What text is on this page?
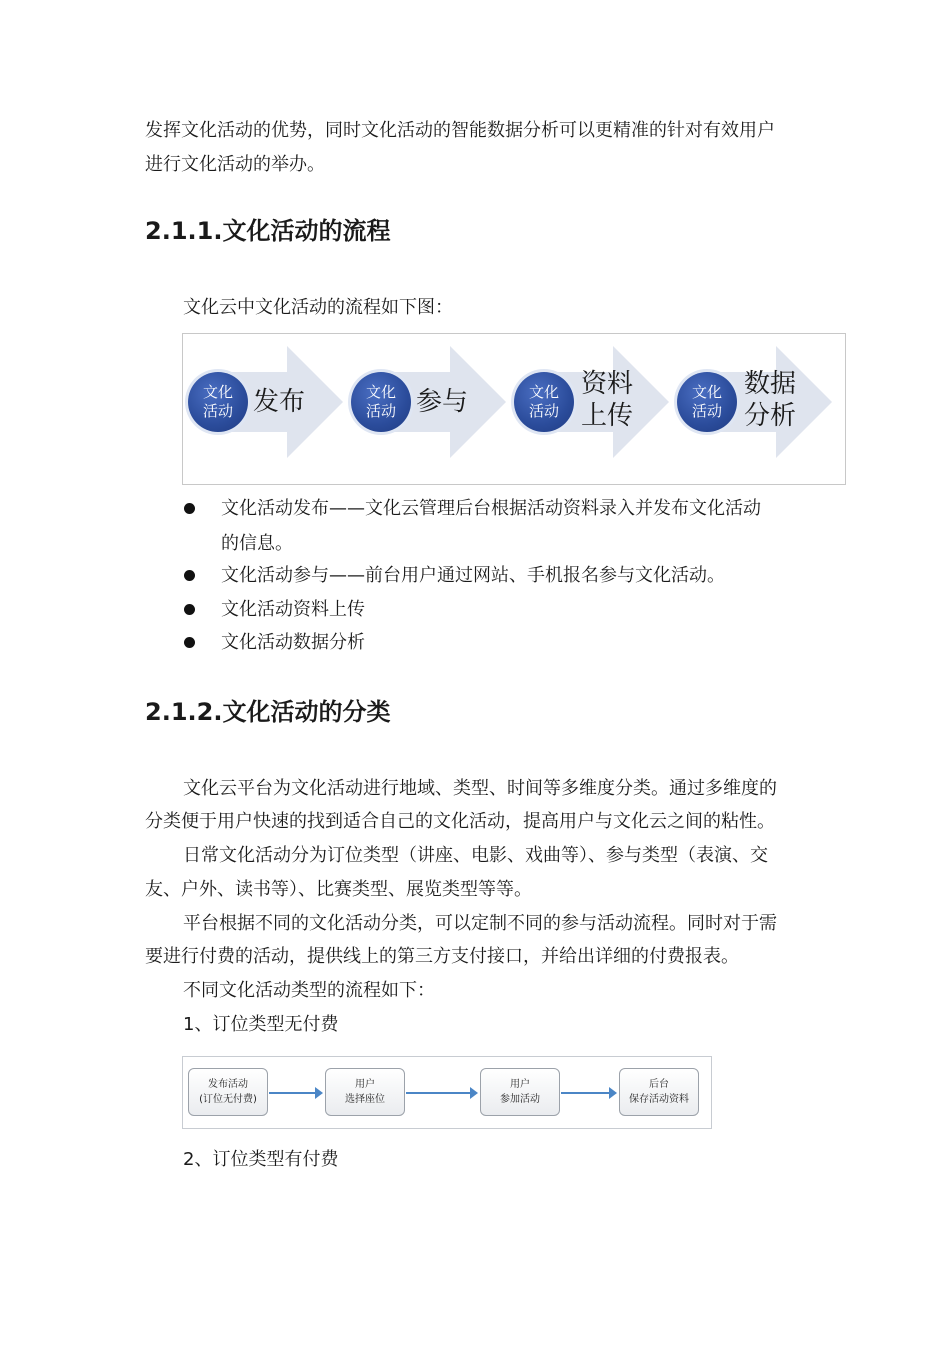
发挥文化活动的优势，同时文化活动的智能数据分析可以更精准的针对有效用户
进行文化活动的举办。
2.1.1.文化活动的流程
文化云中文化活动的流程如下图：
文化
活动 发布	文化
活动 参与	文化
活动
资料
上传
文化
活动
数据
分析
文化活动发布——文化云管理后台根据活动资料录入并发布文化活动
的信息。
文化活动参与——前台用户通过网站、手机报名参与文化活动。
文化活动资料上传
文化活动数据分析
2.1.2.文化活动的分类
文化云平台为文化活动进行地域、类型、时间等多维度分类。通过多维度的
分类便于用户快速的找到适合自己的文化活动，提高用户与文化云之间的粘性。
日常文化活动分为订位类型（讲座、电影、戏曲等）、参与类型（表演、交
友、户外、读书等）、比赛类型、展览类型等等。
平台根据不同的文化活动分类，可以定制不同的参与活动流程。同时对于需
要进行付费的活动，提供线上的第三方支付接口，并给出详细的付费报表。
不同文化活动类型的流程如下：
1、订位类型无付费
发布活动
(订位无付费)
用户
选择座位
用户
参加活动
后台
保存活动资料
2、订位类型有付费
